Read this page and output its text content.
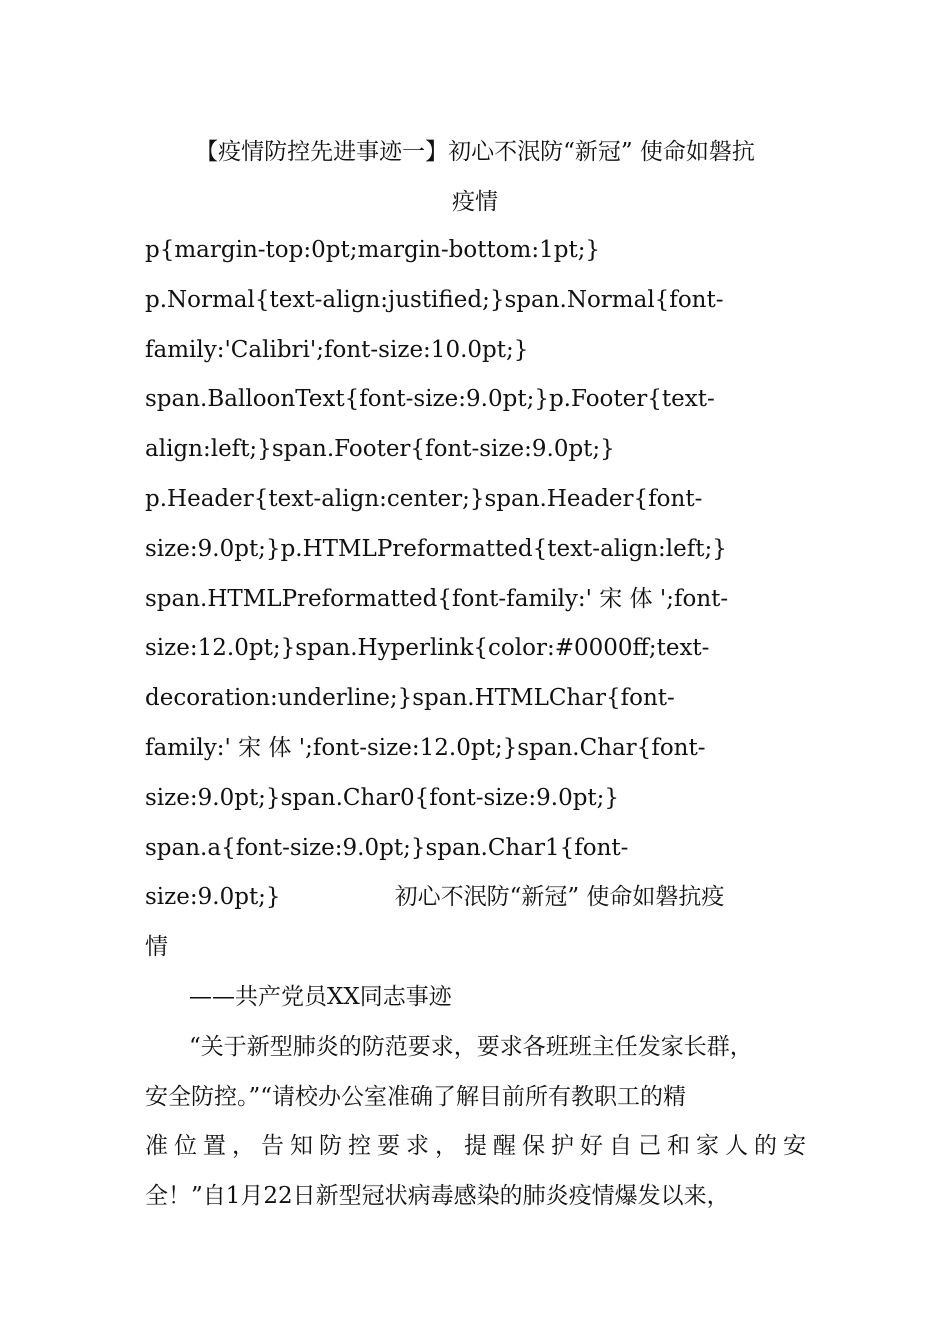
【疫情防控先进事迹一】初心不泯防“新冠” 使命如磐抗
疫情
p{margin-top:0pt;margin-bottom:1pt;}
p.Normal{text-align:justified;}span.Normal{font-
family:'Calibri';font-size:10.0pt;}
span.BalloonText{font-size:9.0pt;}p.Footer{text-
align:left;}span.Footer{font-size:9.0pt;}
p.Header{text-align:center;}span.Header{font-
size:9.0pt;}p.HTMLPreformatted{text-align:left;}
span.HTMLPreformatted{font-family:' 宋 体 ';font-
size:12.0pt;}span.Hyperlink{color:#0000ff;text-
decoration:underline;}span.HTMLChar{font-
family:' 宋 体 ';font-size:12.0pt;}span.Char{font-
size:9.0pt;}span.Char0{font-size:9.0pt;}
span.a{font-size:9.0pt;}span.Char1{font-
size:9.0pt;}	初心不泯防“新冠” 使命如磐抗疫
情
——共产党员XX同志事迹
“关于新型肺炎的防范要求，要求各班班主任发家长群，
安全防控。”“请校办公室准确了解目前所有教职工的精
准位置，告知防控要求，提醒保护好自己和家人的安
全！”自1月22日新型冠状病毒感染的肺炎疫情爆发以来，
